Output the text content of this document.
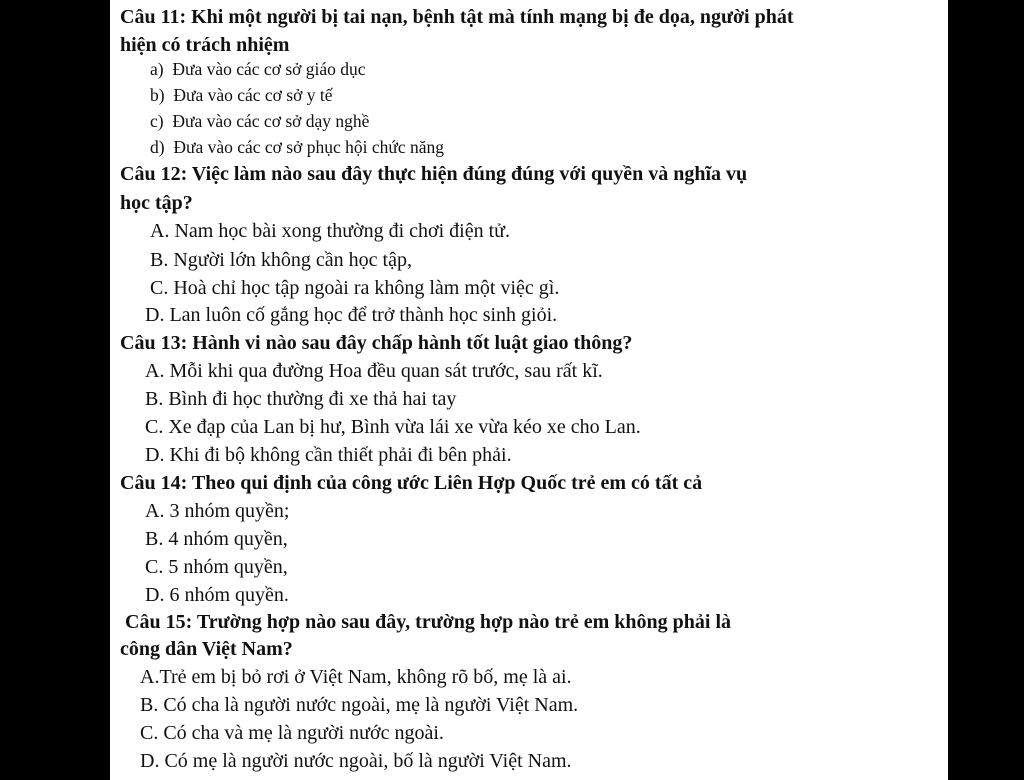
Câu 11: Khi một người bị tai nạn, bệnh tật mà tính mạng bị đe dọa, người phát
hiện có trách nhiệm
a)  Đưa vào các cơ sở giáo dục
b)  Đưa vào các cơ sở y tế
c)  Đưa vào các cơ sở dạy nghề
d)  Đưa vào các cơ sở phục hội chức năng
Câu 12: Việc làm nào sau đây thực hiện đúng đúng với quyền và nghĩa vụ
học tập?
A. Nam học bài xong thường đi chơi điện tử.
B. Người lớn không cần học tập,
C. Hoà chỉ học tập ngoài ra không làm một việc gì.
D. Lan luôn cố gắng học để trở thành học sinh giỏi.
Câu 13: Hành vi nào sau đây chấp hành tốt luật giao thông?
A. Mỗi khi qua đường Hoa đều quan sát trước, sau rất kĩ.
B. Bình đi học thường đi xe thả hai tay
C. Xe đạp của Lan bị hư, Bình vừa lái xe vừa kéo xe cho Lan.
D. Khi đi bộ không cần thiết phải đi bên phải.
Câu 14: Theo qui định của công ước Liên Hợp Quốc trẻ em có tất cả
A. 3 nhóm quyền;
B. 4 nhóm quyền,
C. 5 nhóm quyền,
D. 6 nhóm quyền.
Câu 15: Trường hợp nào sau đây, trường hợp nào trẻ em không phải là
công dân Việt Nam?
A.Trẻ em bị bỏ rơi ở Việt Nam, không rõ bố, mẹ là ai.
B. Có cha là người nước ngoài, mẹ là người Việt Nam.
C. Có cha và mẹ là người nước ngoài.
D. Có mẹ là người nước ngoài, bố là người Việt Nam.
